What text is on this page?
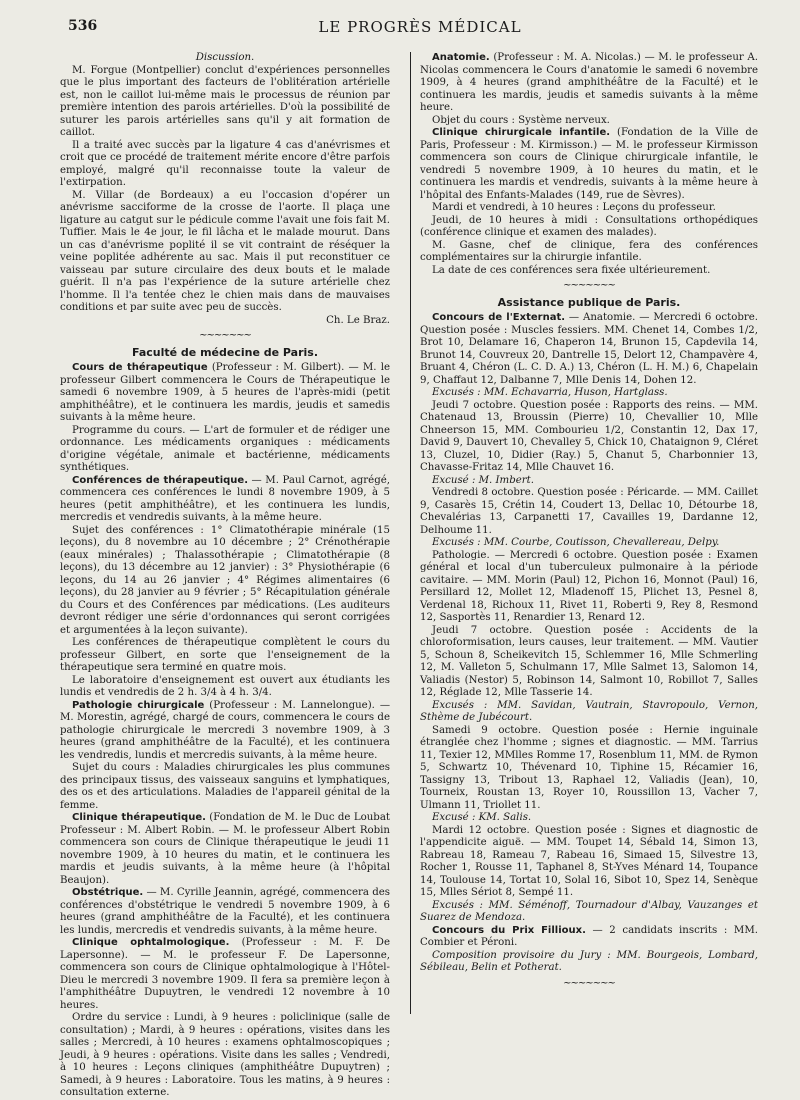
536	LE PROGRÈS MÉDICAL

Discussion.

M. Forgue (Montpellier) conclut d'expériences personnelles que le plus important des facteurs de l'oblitération artérielle est, non le caillot lui-même mais le processus de réunion par première intention des parois artérielles. D'où la possibilité de suturer les parois artérielles sans qu'il y ait formation de caillot.

Il a traité avec succès par la ligature 4 cas d'anévrismes et croit que ce procédé de traitement mérite encore d'être parfois employé, malgré qu'il reconnaisse toute la valeur de l'extirpation.

M. Villar (de Bordeaux) a eu l'occasion d'opérer un anévrisme sacciforme de la crosse de l'aorte. Il plaça une ligature au catgut sur le pédicule comme l'avait une fois fait M. Tuffier. Mais le 4e jour, le fil lâcha et le malade mourut. Dans un cas d'anévrisme poplité il se vit contraint de réséquer la veine poplitée adhérente au sac. Mais il put reconstituer ce vaisseau par suture circulaire des deux bouts et le malade guérit. Il n'a pas l'expérience de la suture artérielle chez l'homme. Il l'a tentée chez le chien mais dans de mauvaises conditions et par suite avec peu de succès.

Ch. Le Braz.

~~~~~~~
Faculté de médecine de Paris.

Cours de thérapeutique (Professeur : M. Gilbert). — M. le professeur Gilbert commencera le Cours de Thérapeutique le samedi 6 novembre 1909, à 5 heures de l'après-midi (petit amphithéâtre), et le continuera les mardis, jeudis et samedis suivants à la même heure.

Programme du cours. — L'art de formuler et de rédiger une ordonnance. Les médicaments organiques : médicaments d'origine végétale, animale et bactérienne, médicaments synthétiques.

Conférences de thérapeutique. — M. Paul Carnot, agrégé, commencera ces conférences le lundi 8 novembre 1909, à 5 heures (petit amphithéâtre), et les continuera les lundis, mercredis et vendredis suivants, à la même heure.

Sujet des conférences : 1° Climatothérapie minérale (15 leçons), du 8 novembre au 10 décembre ; 2° Crénothérapie (eaux minérales) ; Thalassothérapie ; Climatothérapie (8 leçons), du 13 décembre au 12 janvier) : 3° Physiothérapie (6 leçons, du 14 au 26 janvier ; 4° Régimes alimentaires (6 leçons), du 28 janvier au 9 février ; 5° Récapitulation générale du Cours et des Conférences par médications. (Les auditeurs devront rédiger une série d'ordonnances qui seront corrigées et argumentées à la leçon suivante).

Les conférences de thérapeutique complètent le cours du professeur Gilbert, en sorte que l'enseignement de la thérapeutique sera terminé en quatre mois.

Le laboratoire d'enseignement est ouvert aux étudiants les lundis et vendredis de 2 h. 3/4 à 4 h. 3/4.

Pathologie chirurgicale (Professeur : M. Lannelongue). — M. Morestin, agrégé, chargé de cours, commencera le cours de pathologie chirurgicale le mercredi 3 novembre 1909, à 3 heures (grand amphithéâtre de la Faculté), et les continuera les vendredis, lundis et mercredis suivants, à la même heure.

Sujet du cours : Maladies chirurgicales les plus communes des principaux tissus, des vaisseaux sanguins et lymphatiques, des os et des articulations. Maladies de l'appareil génital de la femme.

Clinique thérapeutique. (Fondation de M. le Duc de Loubat Professeur : M. Albert Robin. — M. le professeur Albert Robin commencera son cours de Clinique thérapeutique le jeudi 11 novembre 1909, à 10 heures du matin, et le continuera les mardis et jeudis suivants, à la même heure (à l'hôpital Beaujon).

Obstétrique. — M. Cyrille Jeannin, agrégé, commencera des conférences d'obstétrique le vendredi 5 novembre 1909, à 6 heures (grand amphithéâtre de la Faculté), et les continuera les lundis, mercredis et vendredis suivants, à la même heure.

Clinique ophtalmologique. (Professeur : M. F. De Lapersonne). — M. le professeur F. De Lapersonne, commencera son cours de Clinique ophtalmologique à l'Hôtel-Dieu le mercredi 3 novembre 1909. Il fera sa première leçon à l'amphithéâtre Dupuytren, le vendredi 12 novembre à 10 heures.

Ordre du service : Lundi, à 9 heures : policlinique (salle de consultation) ; Mardi, à 9 heures : opérations, visites dans les salles ; Mercredi, à 10 heures : examens ophtalmoscopiques ; Jeudi, à 9 heures : opérations. Visite dans les salles ; Vendredi, à 10 heures : Leçons cliniques (amphithéâtre Dupuytren) ; Samedi, à 9 heures : Laboratoire. Tous les matins, à 9 heures : consultation externe.

Anatomie. (Professeur : M. A. Nicolas.) — M. le professeur A. Nicolas commencera le Cours d'anatomie le samedi 6 novembre 1909, à 4 heures (grand amphithéâtre de la Faculté) et le continuera les mardis, jeudis et samedis suivants à la même heure.

Objet du cours : Système nerveux.

Clinique chirurgicale infantile. (Fondation de la Ville de Paris, Professeur : M. Kirmisson.) — M. le professeur Kirmisson commencera son cours de Clinique chirurgicale infantile, le vendredi 5 novembre 1909, à 10 heures du matin, et le continuera les mardis et vendredis, suivants à la même heure à l'hôpital des Enfants-Malades (149, rue de Sèvres).

Mardi et vendredi, à 10 heures : Leçons du professeur.

Jeudi, de 10 heures à midi : Consultations orthopédiques (conférence clinique et examen des malades).

M. Gasne, chef de clinique, fera des conférences complémentaires sur la chirurgie infantile.

La date de ces conférences sera fixée ultérieurement.

~~~~~~~
Assistance publique de Paris.

Concours de l'Externat. — Anatomie. — Mercredi 6 octobre. Question posée : Muscles fessiers. MM. Chenet 14, Combes 1/2, Brot 10, Delamare 16, Chaperon 14, Brunon 15, Capdevila 14, Brunot 14, Couvreux 20, Dantrelle 15, Delort 12, Champavère 4, Bruant 4, Chéron (L. C. D. A.) 13, Chéron (L. H. M.) 6, Chapelain 9, Chaffaut 12, Dalbanne 7, Mlle Denis 14, Dohen 12.

Excusés : MM. Echavarria, Huson, Hartglass.

Jeudi 7 octobre. Question posée : Rapports des reins. — MM. Chatenaud 13, Broussin (Pierre) 10, Chevallier 10, Mlle Chneerson 15, MM. Combourieu 1/2, Constantin 12, Dax 17, David 9, Dauvert 10, Chevalley 5, Chick 10, Chataignon 9, Cléret 13, Cluzel, 10, Didier (Ray.) 5, Chanut 5, Charbonnier 13, Chavasse-Fritaz 14, Mlle Chauvet 16.

Excusé : M. Imbert.

Vendredi 8 octobre. Question posée : Péricarde. — MM. Caillet 9, Casarès 15, Crétin 14, Coudert 13, Dellac 10, Détourbe 18, Chevalérias 13, Carpanetti 17, Cavailles 19, Dardanne 12, Delhoume 11.

Excusés : MM. Courbe, Coutisson, Chevallereau, Delpy.

Pathologie. — Mercredi 6 octobre. Question posée : Examen général et local d'un tuberculeux pulmonaire à la période cavitaire. — MM. Morin (Paul) 12, Pichon 16, Monnot (Paul) 16, Persillard 12, Mollet 12, Mladenoff 15, Plichet 13, Pesnel 8, Verdenal 18, Richoux 11, Rivet 11, Roberti 9, Rey 8, Resmond 12, Sasportès 11, Renardier 13, Renard 12.

Jeudi 7 octobre. Question posée : Accidents de la chloroformisation, leurs causes, leur traitement. — MM. Vautier 5, Schoun 8, Scheikevitch 15, Schlemmer 16, Mlle Schmerling 12, M. Valleton 5, Schulmann 17, Mlle Salmet 13, Salomon 14, Valiadis (Nestor) 5, Robinson 14, Salmont 10, Robillot 7, Salles 12, Réglade 12, Mlle Tasserie 14.

Excusés : MM. Savidan, Vautrain, Stavropoulo, Vernon, Sthème de Jubécourt.

Samedi 9 octobre. Question posée : Hernie inguinale étranglée chez l'homme ; signes et diagnostic. — MM. Tarrius 11, Texier 12, MMlles Romme 17, Rosenblum 11, MM. de Rymon 5, Schwartz 10, Thévenard 10, Tiphine 15, Récamier 16, Tassigny 13, Tribout 13, Raphael 12, Valiadis (Jean), 10, Tourneix, Roustan 13, Royer 10, Roussillon 13, Vacher 7, Ulmann 11, Triollet 11.

Excusé : KM. Salis.

Mardi 12 octobre. Question posée : Signes et diagnostic de l'appendicite aiguë. — MM. Toupet 14, Sébald 14, Simon 13, Rabreau 18, Rameau 7, Rabeau 16, Simaed 15, Silvestre 13, Rocher 1, Rousse 11, Taphanel 8, St-Yves Ménard 14, Toupance 14, Toulouse 14, Tortat 10, Solal 16, Sibot 10, Spez 14, Senèque 15, Mlles Sériot 8, Sempé 11.

Excusés : MM. Séménoff, Tournadour d'Albay, Vauzanges et Suarez de Mendoza.

Concours du Prix Fillioux. — 2 candidats inscrits : MM. Combier et Péroni.

Composition provisoire du Jury : MM. Bourgeois, Lombard, Sébileau, Belin et Potherat.

~~~~~~~
